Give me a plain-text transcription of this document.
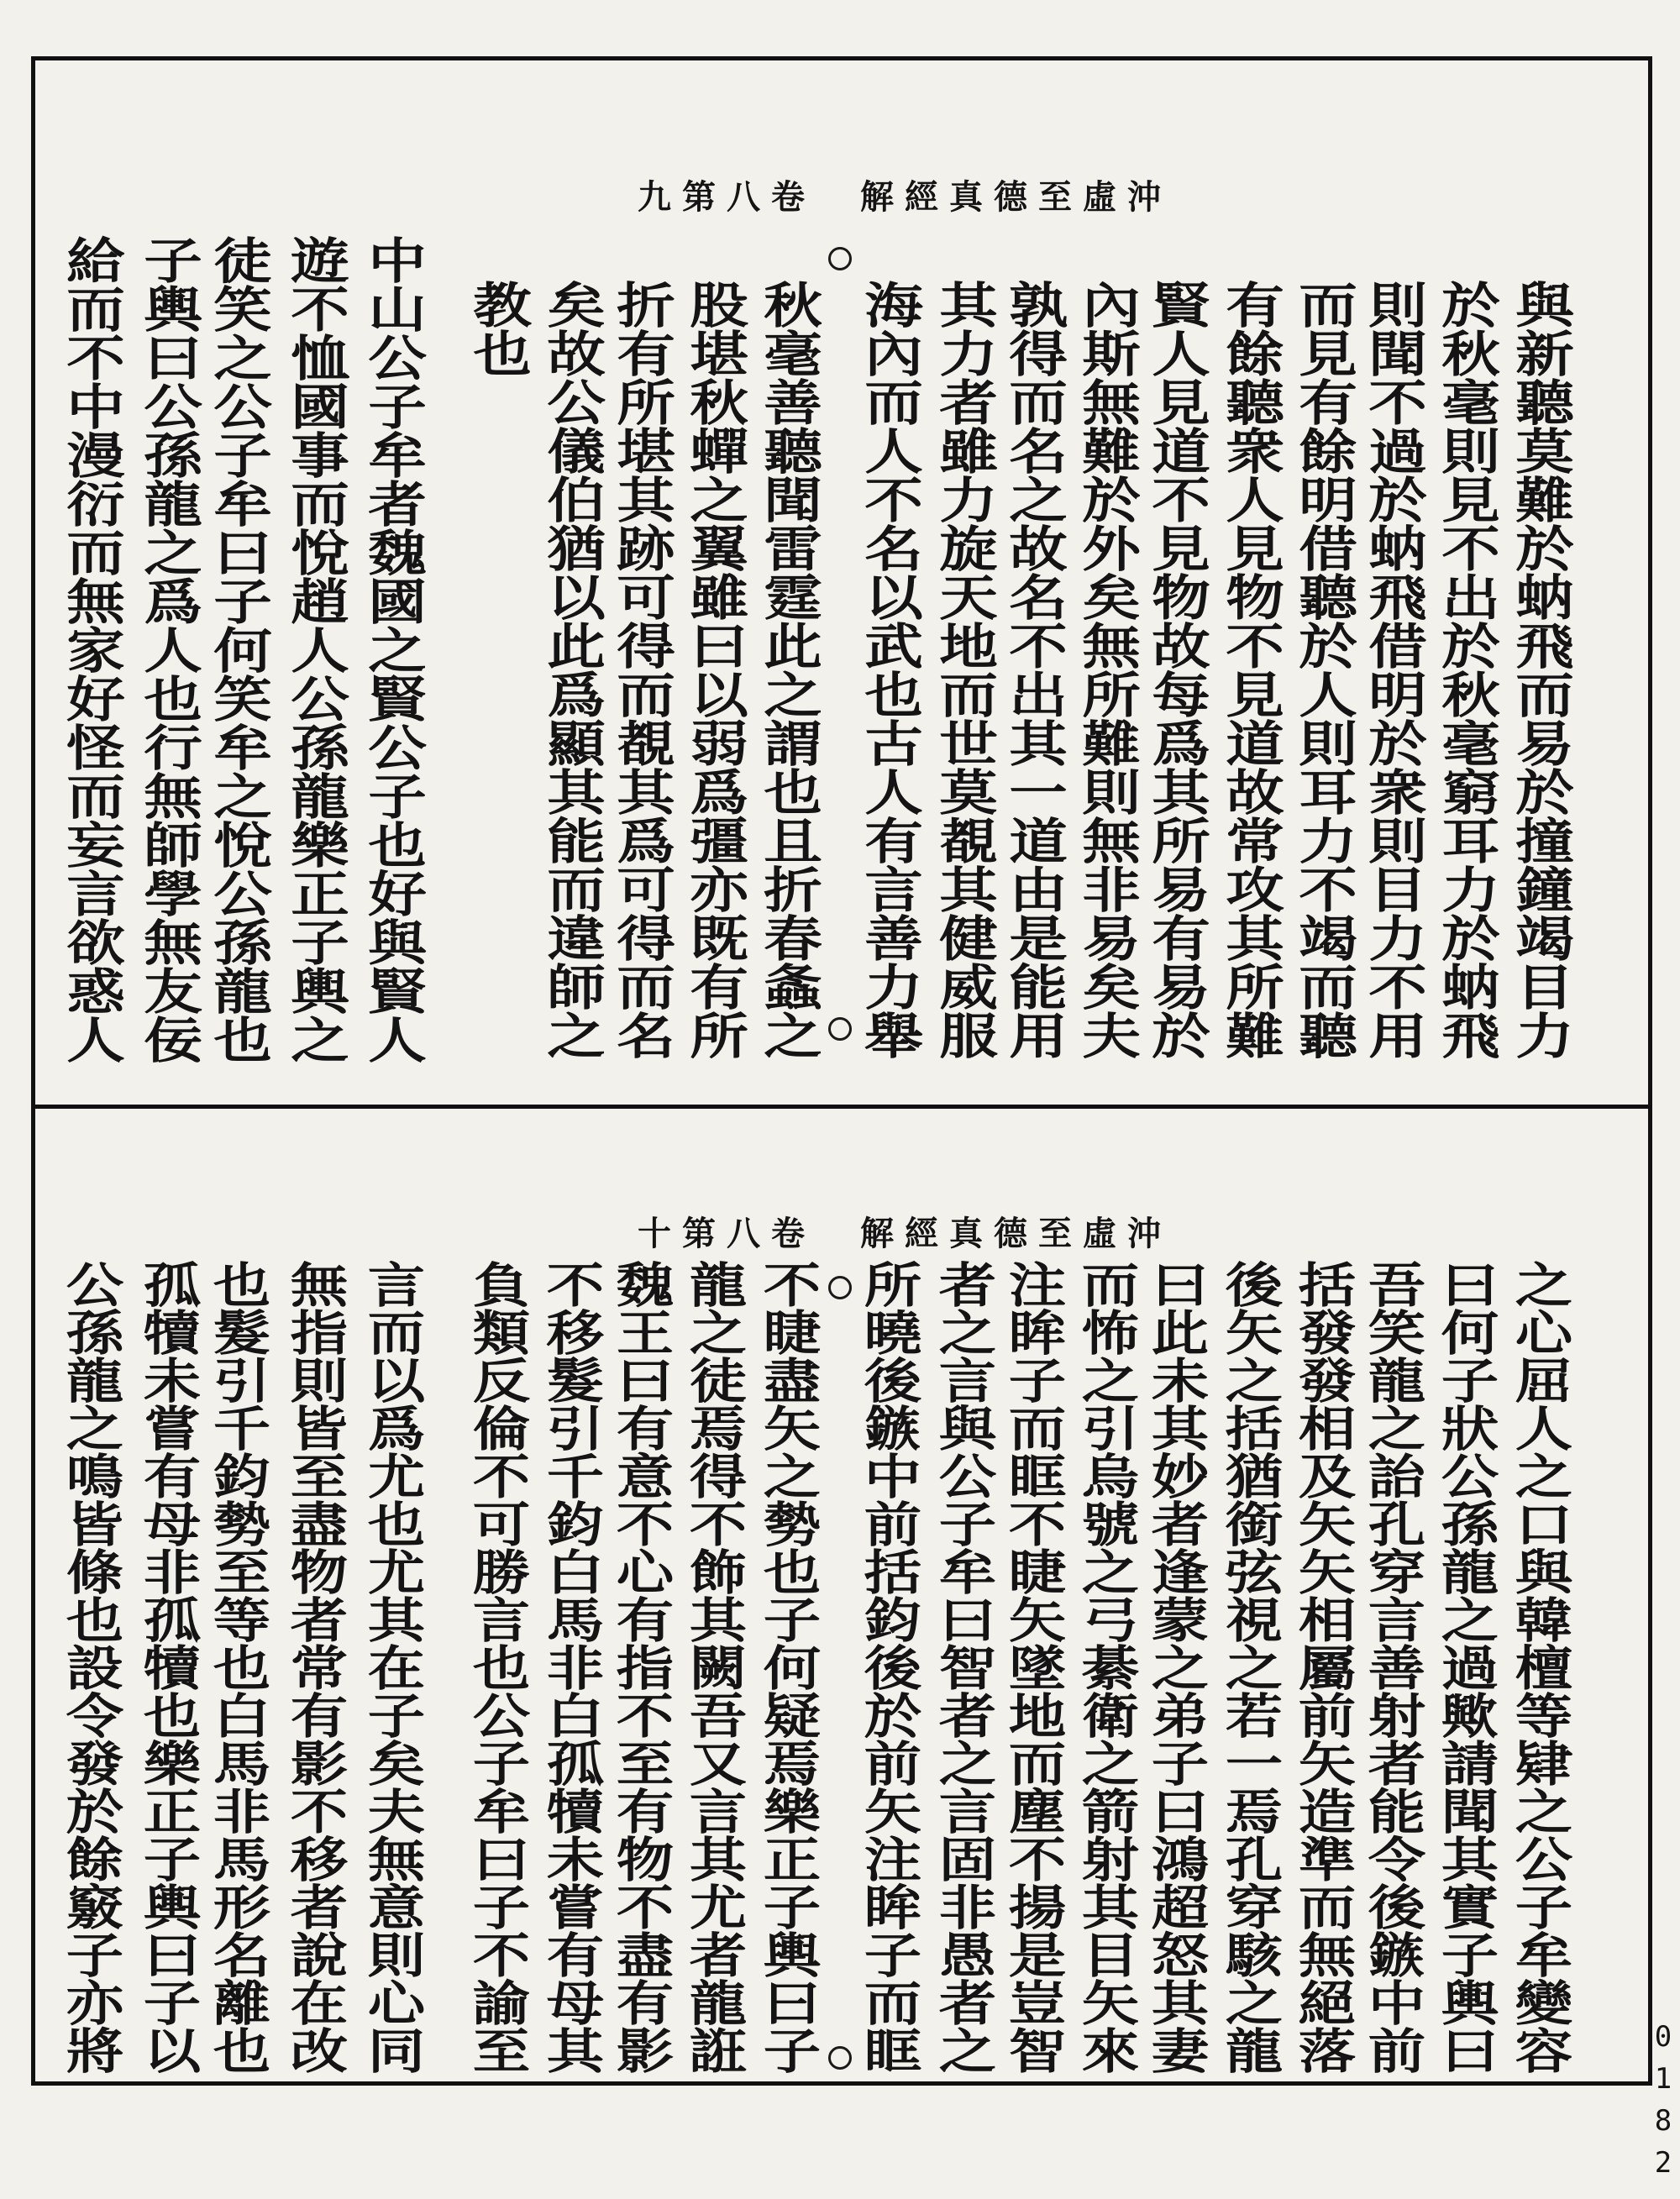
沖虛至德真經解　卷八第九
與新聽莫難於蚋飛而易於撞鐘竭目力
於秋毫則見不出於秋毫窮耳力於蚋飛
則聞不過於蚋飛借明於衆則目力不用
而見有餘明借聽於人則耳力不竭而聽
有餘聽衆人見物不見道故常攻其所難
賢人見道不見物故每爲其所易有易於
內斯無難於外矣無所難則無非易矣夫
孰得而名之故名不出其一道由是能用
其力者雖力旋天地而世莫覩其健威服
海內而人不名以武也古人有言善力舉
秋毫善聽聞雷霆此之謂也且折春螽之
股堪秋蟬之翼雖曰以弱爲彊亦既有所
折有所堪其跡可得而覩其爲可得而名
矣故公儀伯猶以此爲顯其能而違師之
教也
中山公子牟者魏國之賢公子也好與賢人
遊不恤國事而悅趙人公孫龍樂正子輿之
徒笑之公子牟曰子何笑牟之悅公孫龍也
子輿曰公孫龍之爲人也行無師學無友佞
給而不中漫衍而無家好怪而妄言欲惑人
沖虛至德真經解　卷八第十
之心屈人之口與韓檀等肄之公子牟變容
曰何子狀公孫龍之過歟請聞其實子輿曰
吾笑龍之詒孔穿言善射者能令後鏃中前
括發發相及矢矢相屬前矢造準而無絕落
後矢之括猶銜弦視之若一焉孔穿駭之龍
曰此未其妙者逢蒙之弟子曰鴻超怒其妻
而怖之引烏號之弓綦衛之箭射其目矢來
注眸子而眶不睫矢墜地而塵不揚是豈智
者之言與公子牟曰智者之言固非愚者之
所曉後鏃中前括鈞後於前矢注眸子而眶
不睫盡矢之勢也子何疑焉樂正子輿曰子
龍之徒焉得不飾其闕吾又言其尤者龍誑
魏王曰有意不心有指不至有物不盡有影
不移髮引千鈞白馬非白孤犢未嘗有母其
負類反倫不可勝言也公子牟曰子不諭至
言而以爲尤也尤其在子矣夫無意則心同
無指則皆至盡物者常有影不移者說在改
也髮引千鈞勢至等也白馬非馬形名離也
孤犢未嘗有母非孤犢也樂正子輿曰子以
公孫龍之鳴皆條也設令發於餘竅子亦將
0182
